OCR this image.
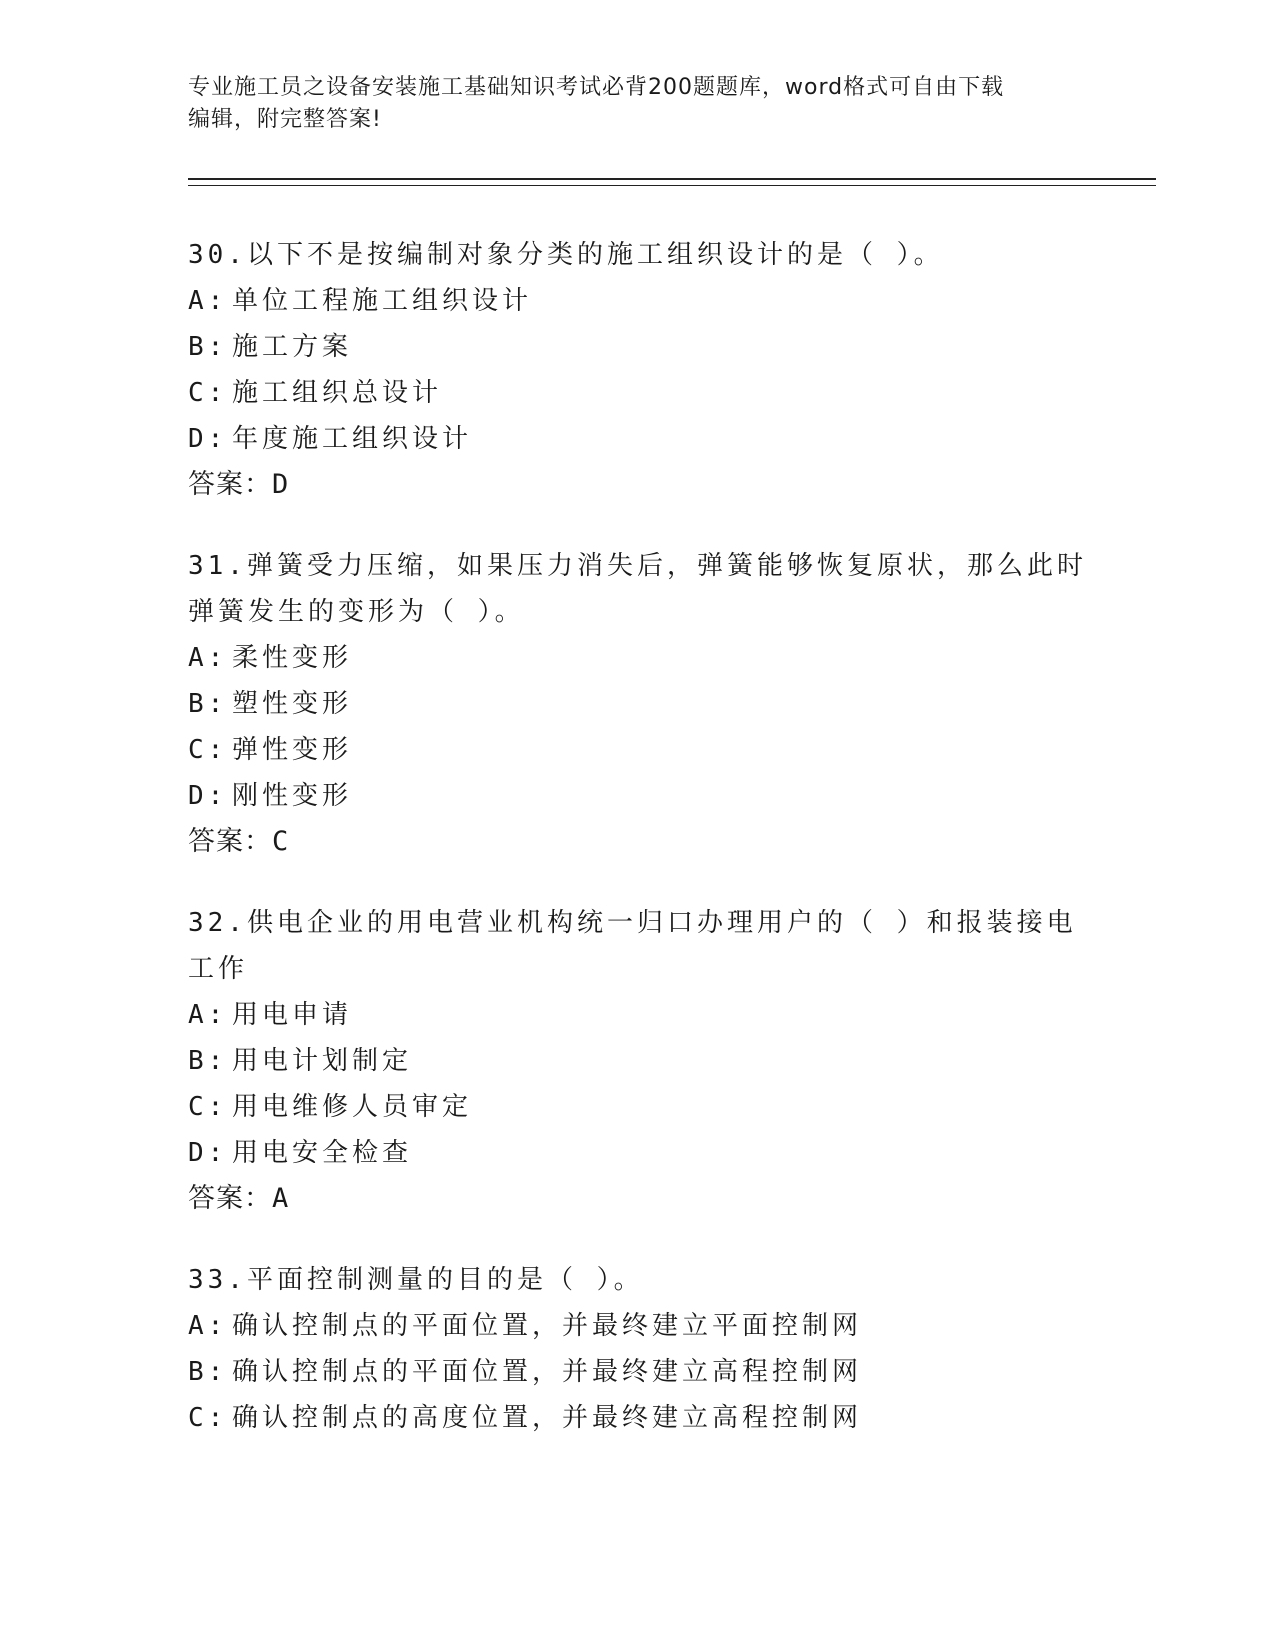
专业施工员之设备安装施工基础知识考试必背200题题库，word格式可自由下载
编辑，附完整答案!
30.以下不是按编制对象分类的施工组织设计的是（ ）。
A: 单位工程施工组织设计
B: 施工方案
C: 施工组织总设计
D: 年度施工组织设计
答案：D
31.弹簧受力压缩，如果压力消失后，弹簧能够恢复原状，那么此时弹簧发生的变形为（ ）。
A: 柔性变形
B: 塑性变形
C: 弹性变形
D: 刚性变形
答案：C
32.供电企业的用电营业机构统一归口办理用户的（ ）和报装接电工作
A: 用电申请
B: 用电计划制定
C: 用电维修人员审定
D: 用电安全检查
答案：A
33.平面控制测量的目的是（ ）。
A: 确认控制点的平面位置，并最终建立平面控制网
B: 确认控制点的平面位置，并最终建立高程控制网
C: 确认控制点的高度位置，并最终建立高程控制网
